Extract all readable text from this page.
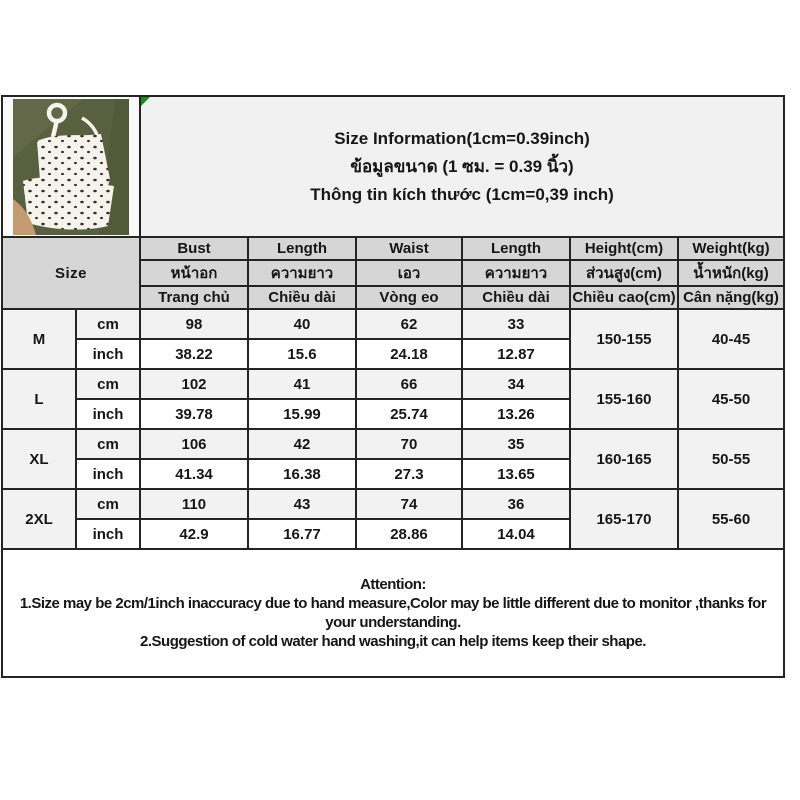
Size Information(1cm=0.39inch)
ข้อมูลขนาด (1 ซม. = 0.39 นิ้ว)
Thông tin kích thước (1cm=0,39 inch)					

Size		Bust	Length	Waist	Length	Height(cm)	Weight(kg)
		หน้าอก	ความยาว	เอว	ความยาว	ส่วนสูง(cm)	น้ำหนัก(kg)
		Trang chủ	Chiều dài	Vòng eo	Chiều dài	Chiều cao(cm)	Cân nặng(kg)
M	cm	98	40	62	33	150-155	40-45
	inch	38.22	15.6	24.18	12.87		
L	cm	102	41	66	34	155-160	45-50
	inch	39.78	15.99	25.74	13.26		
XL	cm	106	42	70	35	160-165	50-55
	inch	41.34	16.38	27.3	13.65		
2XL	cm	110	43	74	36	165-170	55-60
	inch	42.9	16.77	28.86	14.04		

Attention:
1.Size may be 2cm/1inch inaccuracy due to hand measure,Color may be little different due to monitor ,thanks for your understanding.
2.Suggestion of cold water hand washing,it can help items keep their shape.							
